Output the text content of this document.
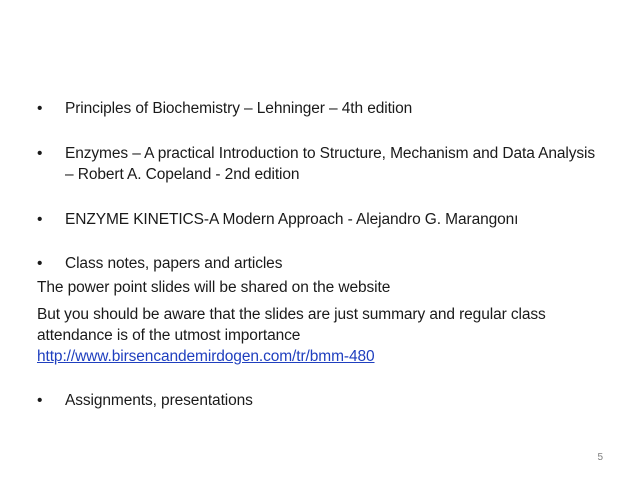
•	Principles of Biochemistry – Lehninger – 4th edition
•	Enzymes – A practical Introduction to Structure, Mechanism and Data Analysis – Robert A. Copeland - 2nd edition
•	ENZYME KINETICS-A Modern Approach - Alejandro G. Marangonı
•	Class notes, papers and articles
The power point slides will be shared on the website
But you should be aware that the slides are just summary and regular class attendance is of the utmost importance
http://www.birsencandemirdogen.com/tr/bmm-480
•	Assignments, presentations
5
